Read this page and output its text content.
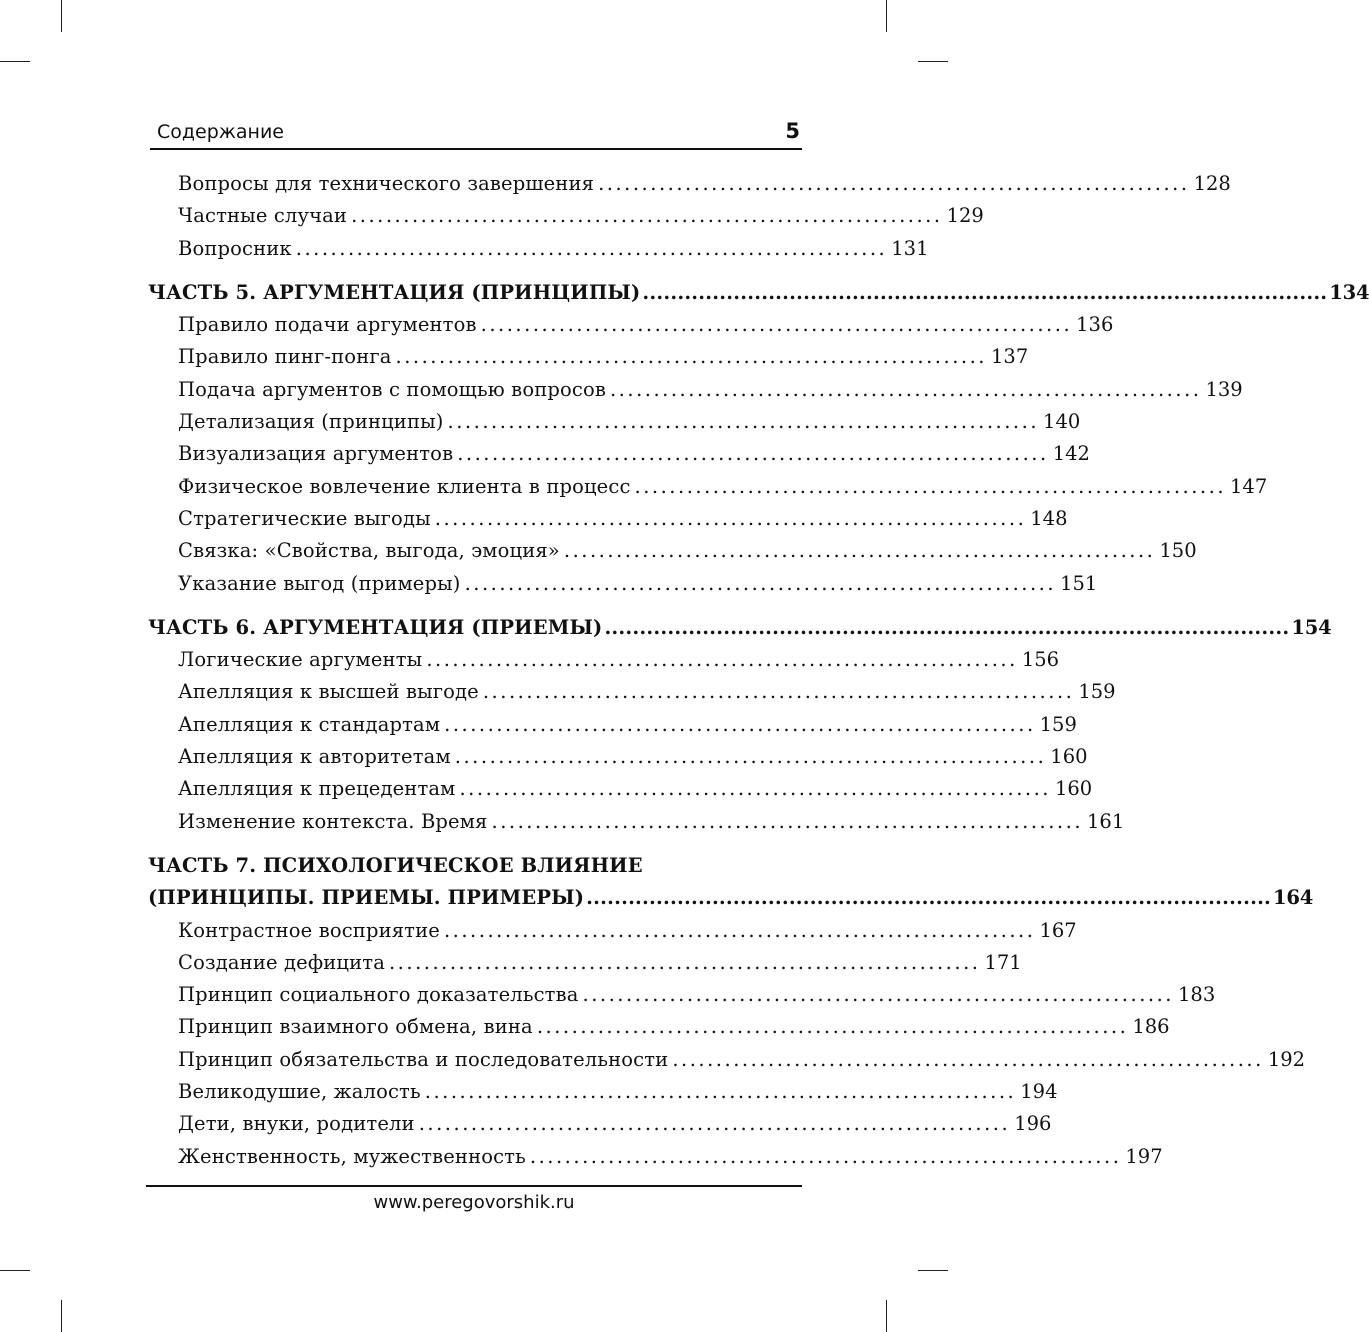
Содержание	5
Вопросы для технического завершения .................................................................... 128
Частные случаи .................................................................... 129
Вопросник .................................................................... 131
ЧАСТЬ 5. АРГУМЕНТАЦИЯ (ПРИНЦИПЫ) .................................................................................................. 134
Правило подачи аргументов .................................................................... 136
Правило пинг-понга .................................................................... 137
Подача аргументов с помощью вопросов .................................................................... 139
Детализация (принципы) .................................................................... 140
Визуализация аргументов .................................................................... 142
Физическое вовлечение клиента в процесс .................................................................... 147
Стратегические выгоды .................................................................... 148
Связка: «Свойства, выгода, эмоция» .................................................................... 150
Указание выгод (примеры) .................................................................... 151
ЧАСТЬ 6. АРГУМЕНТАЦИЯ (ПРИЕМЫ) .................................................................................................. 154
Логические аргументы .................................................................... 156
Апелляция к высшей выгоде .................................................................... 159
Апелляция к стандартам .................................................................... 159
Апелляция к авторитетам .................................................................... 160
Апелляция к прецедентам .................................................................... 160
Изменение контекста. Время .................................................................... 161
ЧАСТЬ 7. ПСИХОЛОГИЧЕСКОЕ ВЛИЯНИЕ
(ПРИНЦИПЫ. ПРИЕМЫ. ПРИМЕРЫ) .................................................................................................. 164
Контрастное восприятие .................................................................... 167
Создание дефицита .................................................................... 171
Принцип социального доказательства .................................................................... 183
Принцип взаимного обмена, вина .................................................................... 186
Принцип обязательства и последовательности .................................................................... 192
Великодушие, жалость .................................................................... 194
Дети, внуки, родители .................................................................... 196
Женственность, мужественность .................................................................... 197
www.peregovorshik.ru
